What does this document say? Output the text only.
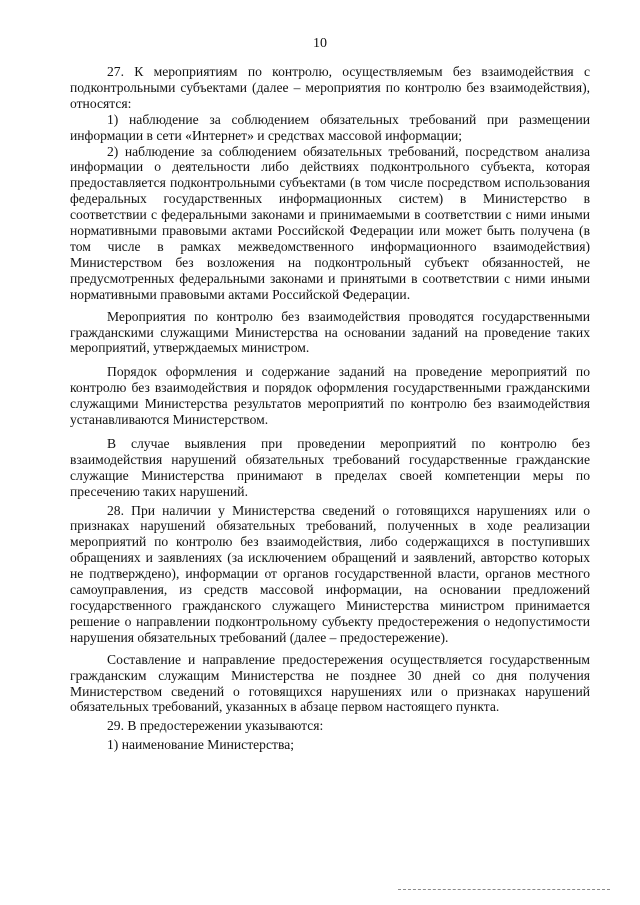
10

27. К мероприятиям по контролю, осуществляемым без взаимодействия с подконтрольными субъектами (далее – мероприятия по контролю без взаимодействия), относятся:

1) наблюдение за соблюдением обязательных требований при размещении информации в сети «Интернет» и средствах массовой информации;

2) наблюдение за соблюдением обязательных требований, посредством анализа информации о деятельности либо действиях подконтрольного субъекта, которая предоставляется подконтрольными субъектами (в том числе посредством использования федеральных государственных информационных систем) в Министерство в соответствии с федеральными законами и принимаемыми в соответствии с ними иными нормативными правовыми актами Российской Федерации или может быть получена (в том числе в рамках межведомственного информационного взаимодействия) Министерством без возложения на подконтрольный субъект обязанностей, не предусмотренных федеральными законами и принятыми в соответствии с ними иными нормативными правовыми актами Российской Федерации.

Мероприятия по контролю без взаимодействия проводятся государственными гражданскими служащими Министерства на основании заданий на проведение таких мероприятий, утверждаемых министром.

Порядок оформления и содержание заданий на проведение мероприятий по контролю без взаимодействия и порядок оформления государственными гражданскими служащими Министерства результатов мероприятий по контролю без взаимодействия устанавливаются Министерством.

В случае выявления при проведении мероприятий по контролю без взаимодействия нарушений обязательных требований государственные гражданские служащие Министерства принимают в пределах своей компетенции меры по пресечению таких нарушений.

28. При наличии у Министерства сведений о готовящихся нарушениях или о признаках нарушений обязательных требований, полученных в ходе реализации мероприятий по контролю без взаимодействия, либо содержащихся в поступивших обращениях и заявлениях (за исключением обращений и заявлений, авторство которых не подтверждено), информации от органов государственной власти, органов местного самоуправления, из средств массовой информации, на основании предложений государственного гражданского служащего Министерства министром принимается решение о направлении подконтрольному субъекту предостережения о недопустимости нарушения обязательных требований (далее – предостережение).

Составление и направление предостережения осуществляется государственным гражданским служащим Министерства не позднее 30 дней со дня получения Министерством сведений о готовящихся нарушениях или о признаках нарушений обязательных требований, указанных в абзаце первом настоящего пункта.

29. В предостережении указываются:

1) наименование Министерства;
